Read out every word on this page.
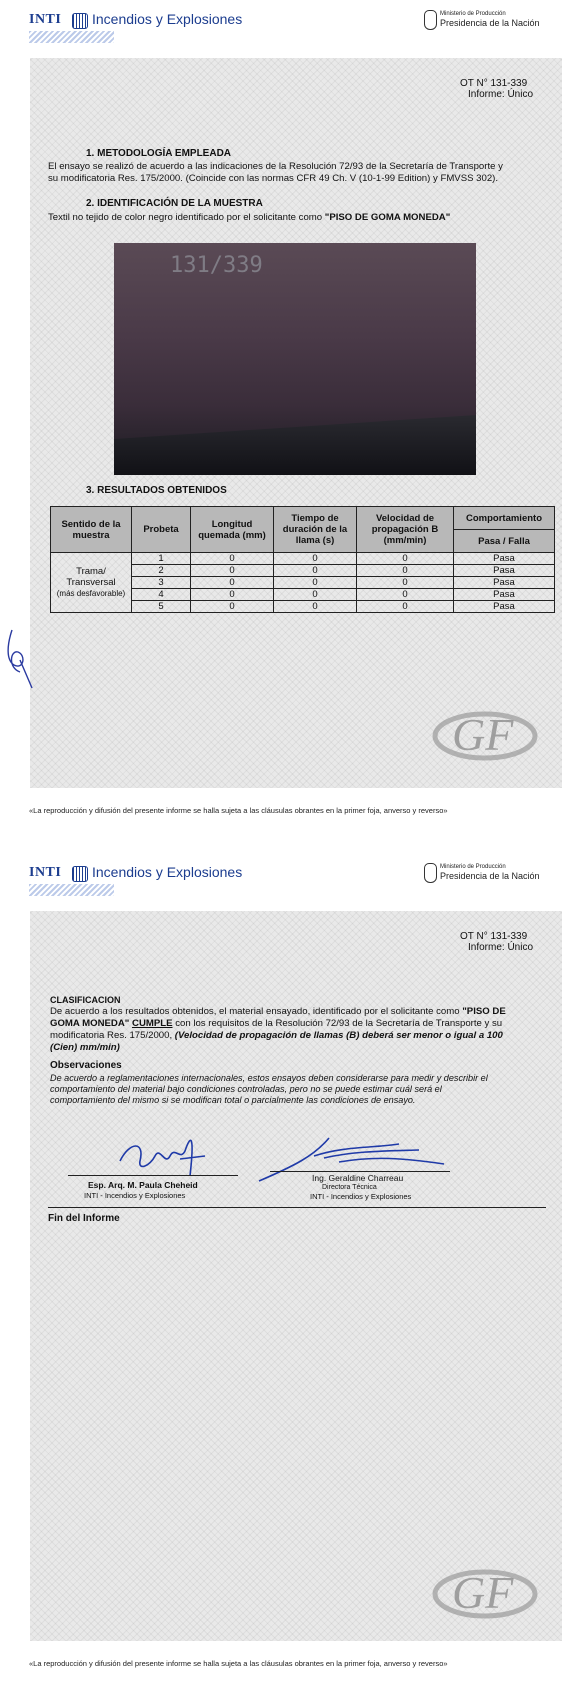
INTI Incendios y Explosiones	Ministerio de Producción
Presidencia de la Nación
OT N° 131-339
Informe: Único
1. METODOLOGÍA EMPLEADA
El ensayo se realizó de acuerdo a las indicaciones de la Resolución 72/93 de la Secretaría de Transporte y
su modificatoria Res. 175/2000. (Coincide con las normas CFR 49 Ch. V (10-1-99 Edition) y FMVSS 302).
2. IDENTIFICACIÓN DE LA MUESTRA
Textil no tejido de color negro identificado por el solicitante como "PISO DE GOMA MONEDA"
131/339
3. RESULTADOS OBTENIDOS
Sentido de la muestra	Probeta	Longitud quemada (mm)	Tiempo de duración de la llama (s)	Velocidad de propagación B (mm/min)	Comportamiento
					Pasa / Falla

Trama/ Transversal
(más desfavorable)	1	0	0	0	Pasa
	2	0	0	0	Pasa
	3	0	0	0	Pasa
	4	0	0	0	Pasa
	5	0	0	0	Pasa
GF
«La reproducción y difusión del presente informe se halla sujeta a las cláusulas obrantes en la primer foja, anverso y reverso»
INTI Incendios y Explosiones	Ministerio de Producción
Presidencia de la Nación
OT N° 131-339
Informe: Único
CLASIFICACION
De acuerdo a los resultados obtenidos, el material ensayado, identificado por el solicitante como "PISO DE
GOMA MONEDA" CUMPLE con los requisitos de la Resolución 72/93 de la Secretaría de Transporte y su
modificatoria Res. 175/2000, (Velocidad de propagación de llamas (B) deberá ser menor o igual a 100
(Cien) mm/min)
Observaciones
De acuerdo a reglamentaciones internacionales, estos ensayos deben considerarse para medir y describir el
comportamiento del material bajo condiciones controladas, pero no se puede estimar cuál será el
comportamiento del mismo si se modifican total o parcialmente las condiciones de ensayo.
Esp. Arq. M. Paula Cheheid
INTI - Incendios y Explosiones
Ing. Geraldine Charreau
Directora Técnica
INTI - Incendios y Explosiones
Fin del Informe
GF
«La reproducción y difusión del presente informe se halla sujeta a las cláusulas obrantes en la primer foja, anverso y reverso»
